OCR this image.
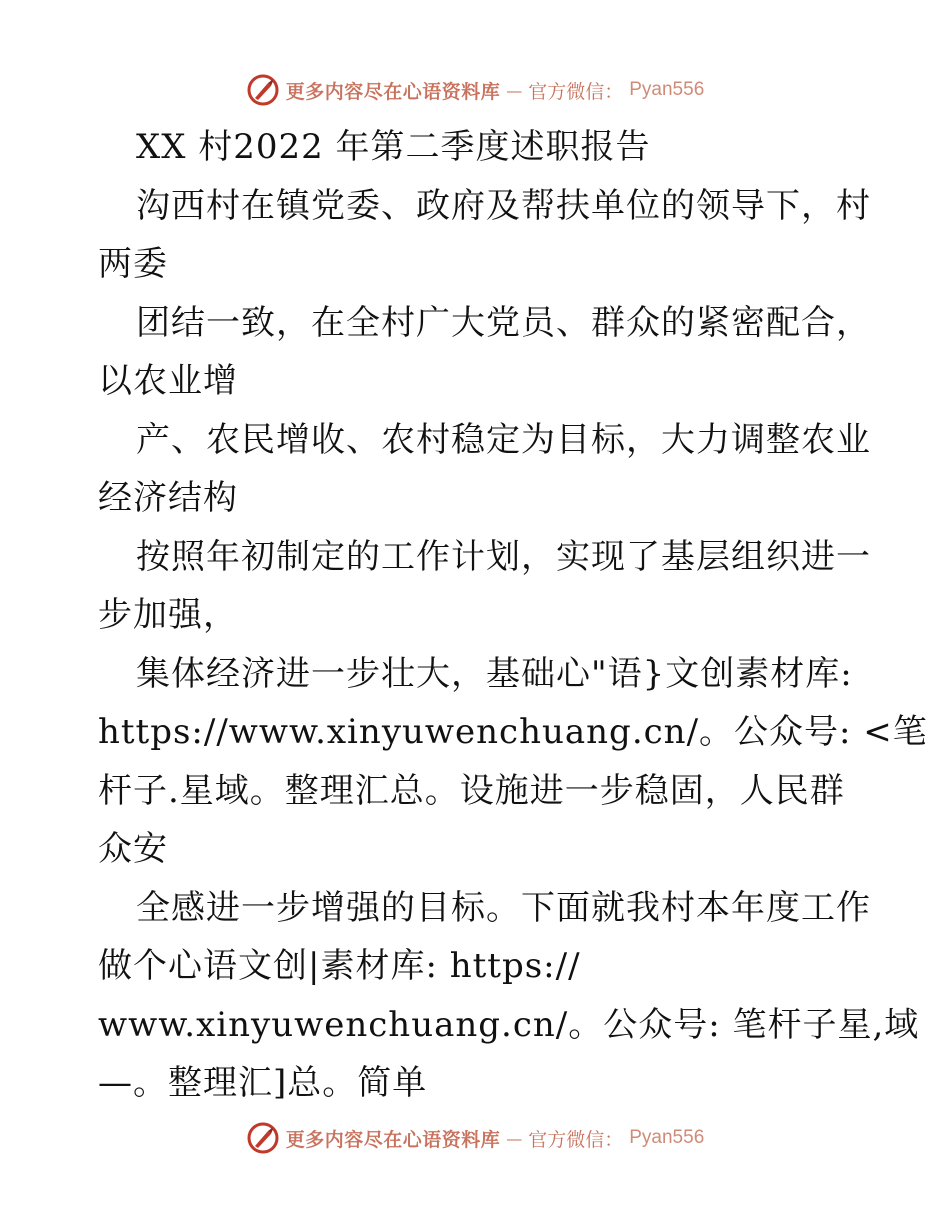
更多内容尽在心语资料库 — 官方微信： Pyan556
XX 村2022 年第二季度述职报告
沟西村在镇党委、政府及帮扶单位的领导下，村
两委
团结一致，在全村广大党员、群众的紧密配合，
以农业增
产、农民增收、农村稳定为目标，大力调整农业
经济结构
按照年初制定的工作计划，实现了基层组织进一
步加强，
集体经济进一步壮大，基础心"语}文创素材库:
https://www.xinyuwenchuang.cn/。公众号: <笔
杆子.星域。整理汇总。设施进一步稳固，人民群
众安
全感进一步增强的目标。下面就我村本年度工作
做个心语文创|素材库: https://
www.xinyuwenchuang.cn/。公众号: 笔杆子星,域
—。整理汇]总。简单
更多内容尽在心语资料库 — 官方微信： Pyan556
